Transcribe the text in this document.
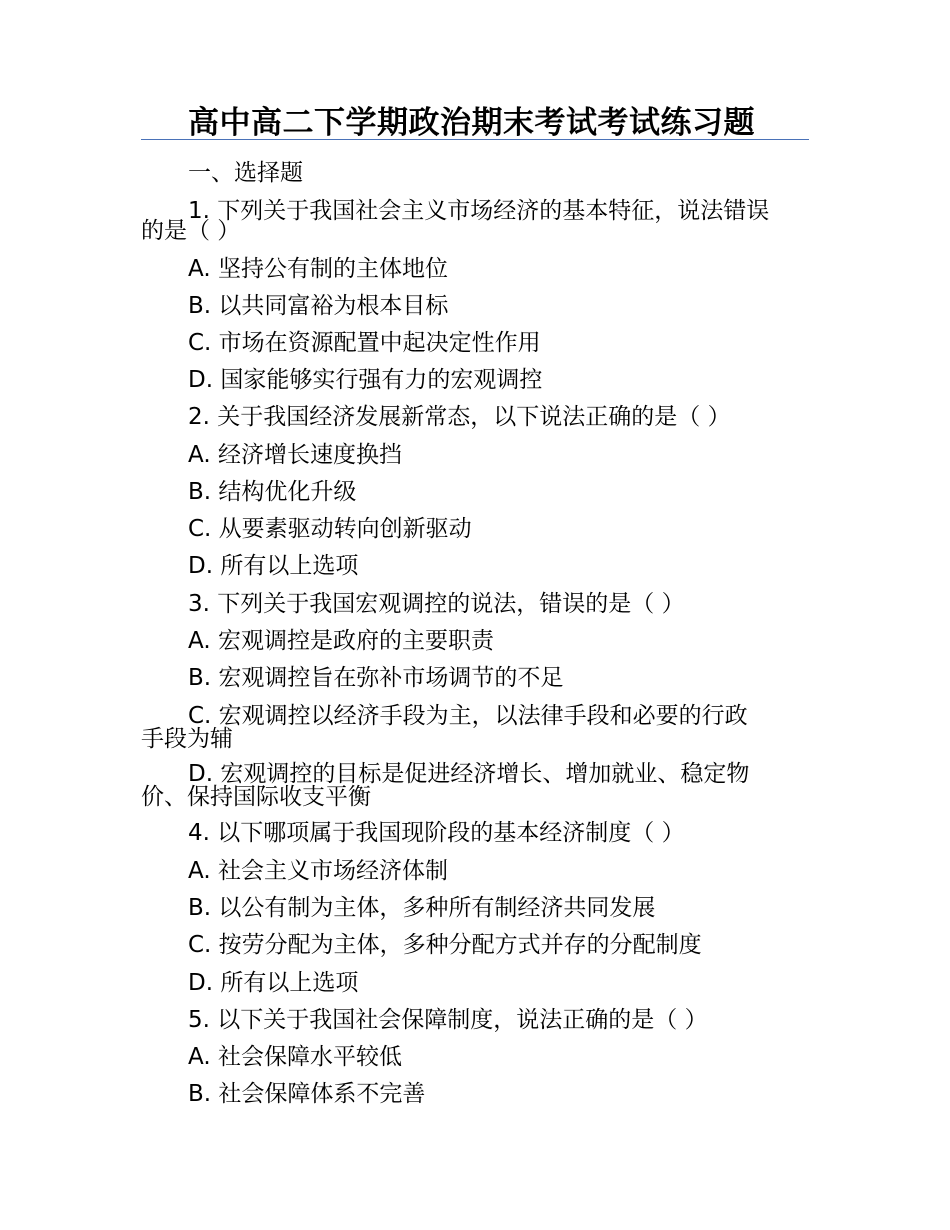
高中高二下学期政治期末考试考试练习题
一、选择题
1. 下列关于我国社会主义市场经济的基本特征，说法错误
的是（ ）
A. 坚持公有制的主体地位
B. 以共同富裕为根本目标
C. 市场在资源配置中起决定性作用
D. 国家能够实行强有力的宏观调控
2. 关于我国经济发展新常态，以下说法正确的是（ ）
A. 经济增长速度换挡
B. 结构优化升级
C. 从要素驱动转向创新驱动
D. 所有以上选项
3. 下列关于我国宏观调控的说法，错误的是（ ）
A. 宏观调控是政府的主要职责
B. 宏观调控旨在弥补市场调节的不足
C. 宏观调控以经济手段为主，以法律手段和必要的行政
手段为辅
D. 宏观调控的目标是促进经济增长、增加就业、稳定物
价、保持国际收支平衡
4. 以下哪项属于我国现阶段的基本经济制度（ ）
A. 社会主义市场经济体制
B. 以公有制为主体，多种所有制经济共同发展
C. 按劳分配为主体，多种分配方式并存的分配制度
D. 所有以上选项
5. 以下关于我国社会保障制度，说法正确的是（ ）
A. 社会保障水平较低
B. 社会保障体系不完善
